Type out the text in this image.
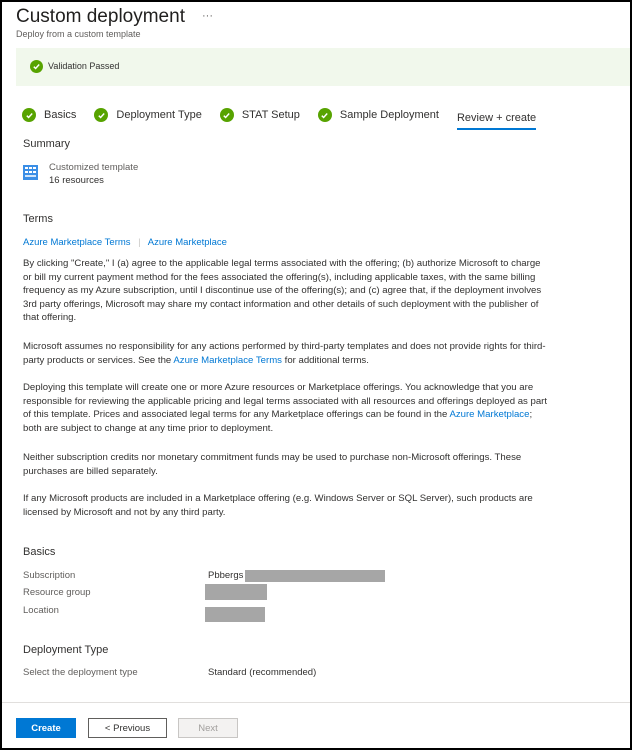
Custom deployment ···
Deploy from a custom template
Validation Passed
Basics	Deployment Type	STAT Setup	Sample Deployment Review + create
Summary
Customized template
16 resources
Terms
Azure Marketplace Terms | Azure Marketplace
By clicking "Create," I (a) agree to the applicable legal terms associated with the offering; (b) authorize Microsoft to charge or bill my current payment method for the fees associated the offering(s), including applicable taxes, with the same billing frequency as my Azure subscription, until I discontinue use of the offering(s); and (c) agree that, if the deployment involves 3rd party offerings, Microsoft may share my contact information and other details of such deployment with the publisher of that offering.
Microsoft assumes no responsibility for any actions performed by third-party templates and does not provide rights for third-party products or services. See the Azure Marketplace Terms for additional terms.
Deploying this template will create one or more Azure resources or Marketplace offerings. You acknowledge that you are responsible for reviewing the applicable pricing and legal terms associated with all resources and offerings deployed as part of this template. Prices and associated legal terms for any Marketplace offerings can be found in the Azure Marketplace; both are subject to change at any time prior to deployment.
Neither subscription credits nor monetary commitment funds may be used to purchase non-Microsoft offerings. These purchases are billed separately.
If any Microsoft products are included in a Marketplace offering (e.g. Windows Server or SQL Server), such products are licensed by Microsoft and not by any third party.
Basics
Subscription	Pbbergs
Resource group
Location
Deployment Type
Select the deployment type	Standard (recommended)
Create	< Previous	Next
